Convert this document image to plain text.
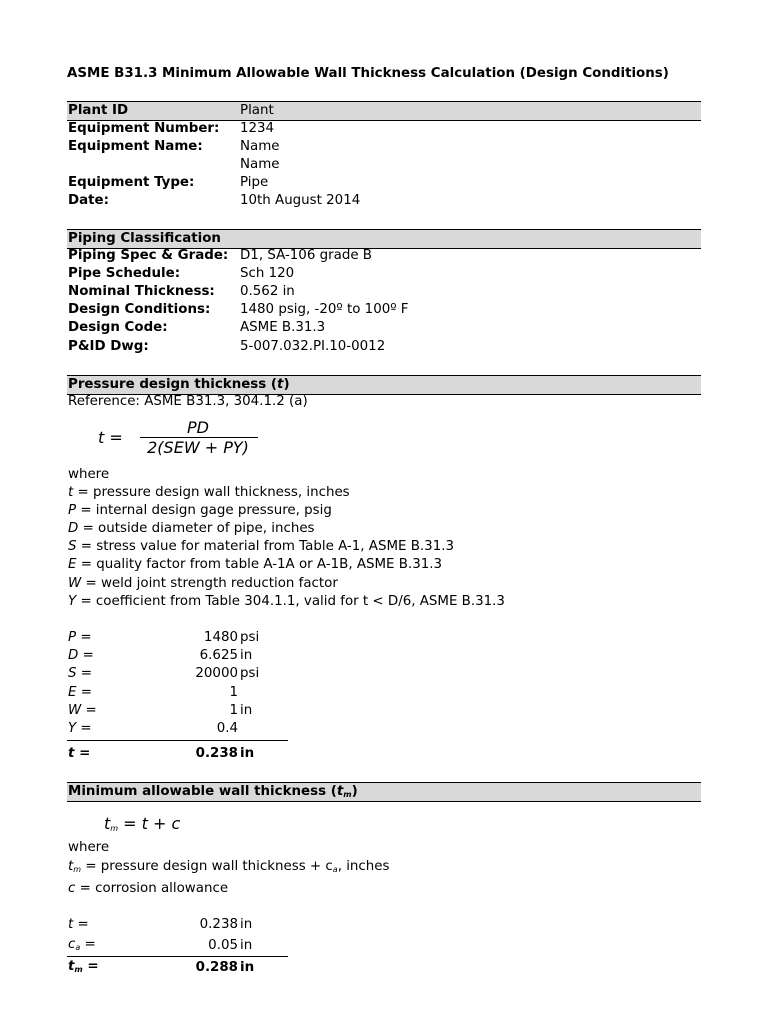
ASME B31.3 Minimum Allowable Wall Thickness Calculation (Design Conditions)
Plant ID	Plant
Equipment Number: 1234
Equipment Name:	Name
Name
Equipment Type:	Pipe
Date:	10th August 2014
Piping Classification
Piping Spec & Grade: D1, SA-106 grade B
Pipe Schedule:	Sch 120
Nominal Thickness: 0.562 in
Design Conditions: 1480 psig, -20º to 100º F
Design Code:	ASME B.31.3
P&ID Dwg:	5-007.032.PI.10-0012
Pressure design thickness (t)
Reference: ASME B31.3, 304.1.2 (a)
t =
PD
2(SEW + PY)
where
t = pressure design wall thickness, inches
P = internal design gage pressure, psig
D = outside diameter of pipe, inches
S = stress value for material from Table A-1, ASME B.31.3
E = quality factor from table A-1A or A-1B, ASME B.31.3
W = weld joint strength reduction factor
Y = coefficient from Table 304.1.1, valid for t < D/6, ASME B.31.3
P =	1480 psi
D =	6.625 in
S =	20000 psi
E =	1
W =	1 in
Y =	0.4
t =	0.238 in
Minimum allowable wall thickness $(t_m)$
$t_m = t + c$
where
$t_m$ = pressure design wall thickness + $c_a$, inches
c = corrosion allowance
t =	0.238 in
$c_a$ =	0.05 in
$t_m$ =	0.288 in
